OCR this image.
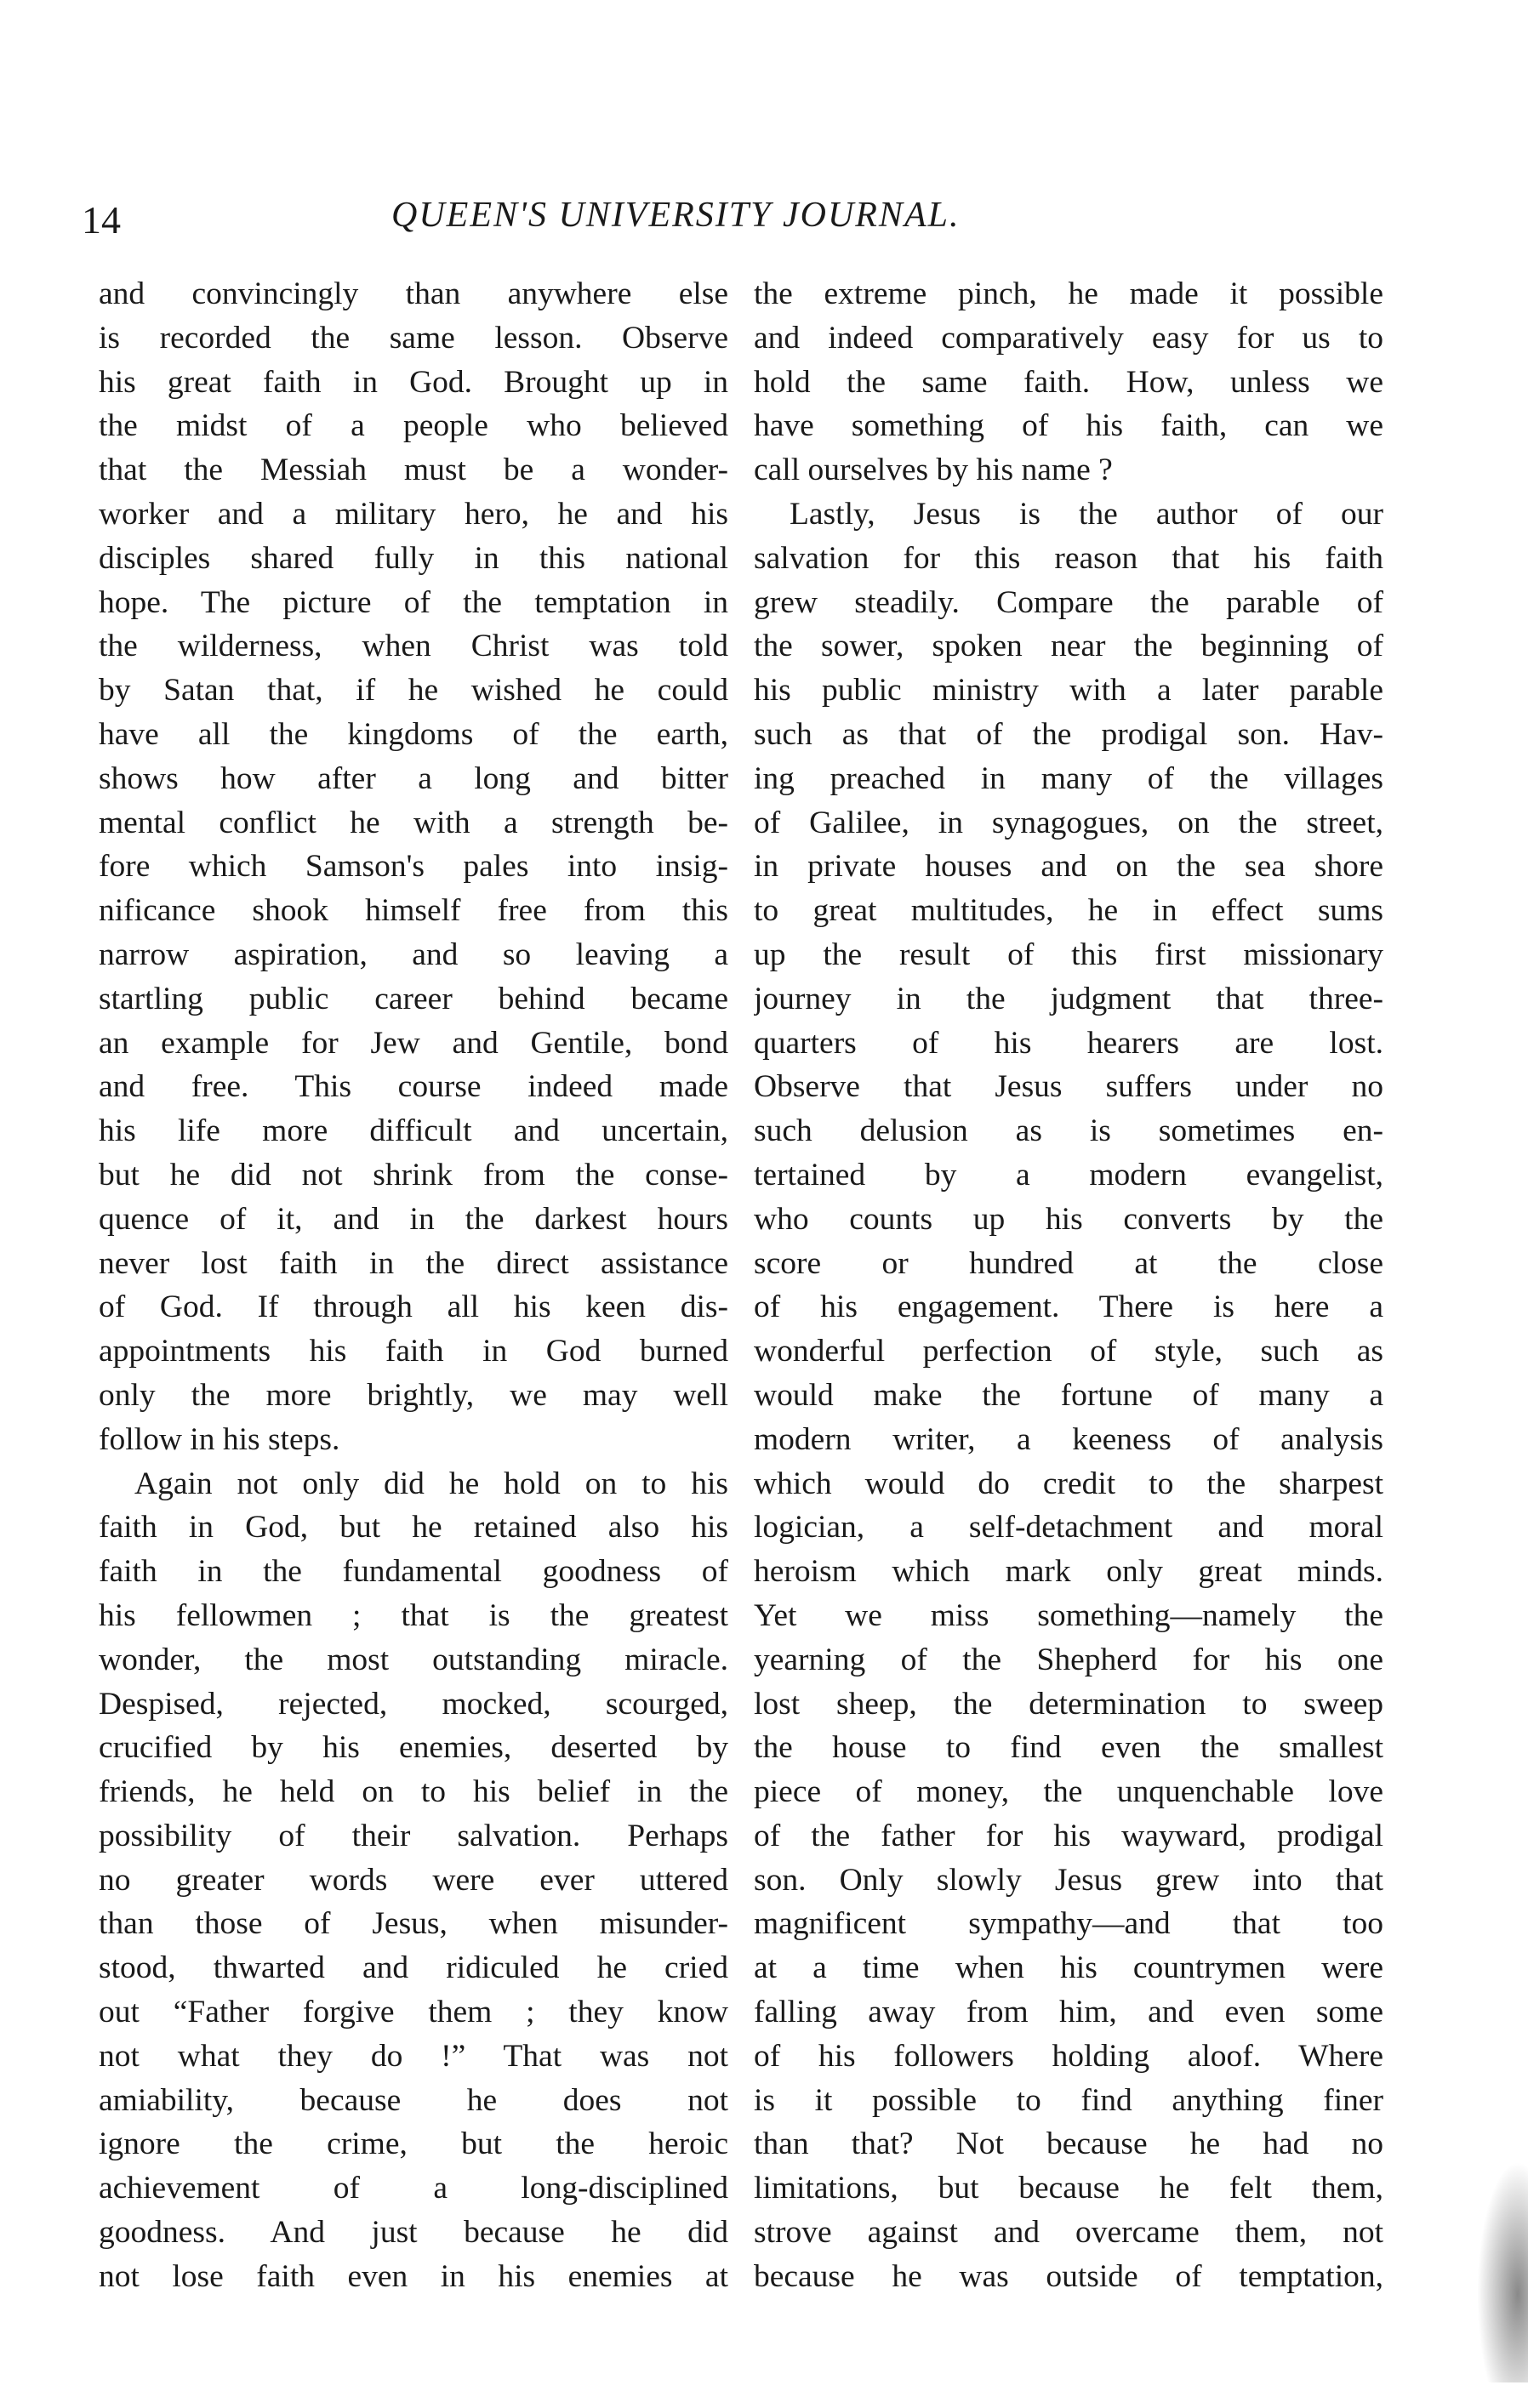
14	QUEEN'S UNIVERSITY JOURNAL.
and convincingly than anywhere else
is recorded the same lesson. Observe
his great faith in God. Brought up in
the midst of a people who believed
that the Messiah must be a wonder-
worker and a military hero, he and his
disciples shared fully in this national
hope. The picture of the temptation in
the wilderness, when Christ was told
by Satan that, if he wished he could
have all the kingdoms of the earth,
shows how after a long and bitter
mental conflict he with a strength be-
fore which Samson's pales into insig-
nificance shook himself free from this
narrow aspiration, and so leaving a
startling public career behind became
an example for Jew and Gentile, bond
and free. This course indeed made
his life more difficult and uncertain,
but he did not shrink from the conse-
quence of it, and in the darkest hours
never lost faith in the direct assistance
of God. If through all his keen dis-
appointments his faith in God burned
only the more brightly, we may well
follow in his steps.
Again not only did he hold on to his
faith in God, but he retained also his
faith in the fundamental goodness of
his fellowmen ; that is the greatest
wonder, the most outstanding miracle.
Despised, rejected, mocked, scourged,
crucified by his enemies, deserted by
friends, he held on to his belief in the
possibility of their salvation. Perhaps
no greater words were ever uttered
than those of Jesus, when misunder-
stood, thwarted and ridiculed he cried
out “Father forgive them ; they know
not what they do !” That was not
amiability, because he does not
ignore the crime, but the heroic
achievement of a long-disciplined
goodness. And just because he did
not lose faith even in his enemies at
the extreme pinch, he made it possible
and indeed comparatively easy for us to
hold the same faith. How, unless we
have something of his faith, can we
call ourselves by his name ?
Lastly, Jesus is the author of our
salvation for this reason that his faith
grew steadily. Compare the parable of
the sower, spoken near the beginning of
his public ministry with a later parable
such as that of the prodigal son. Hav-
ing preached in many of the villages
of Galilee, in synagogues, on the street,
in private houses and on the sea shore
to great multitudes, he in effect sums
up the result of this first missionary
journey in the judgment that three-
quarters of his hearers are lost.
Observe that Jesus suffers under no
such delusion as is sometimes en-
tertained by a modern evangelist,
who counts up his converts by the
score or hundred at the close
of his engagement. There is here a
wonderful perfection of style, such as
would make the fortune of many a
modern writer, a keeness of analysis
which would do credit to the sharpest
logician, a self-detachment and moral
heroism which mark only great minds.
Yet we miss something—namely the
yearning of the Shepherd for his one
lost sheep, the determination to sweep
the house to find even the smallest
piece of money, the unquenchable love
of the father for his wayward, prodigal
son. Only slowly Jesus grew into that
magnificent sympathy—and that too
at a time when his countrymen were
falling away from him, and even some
of his followers holding aloof. Where
is it possible to find anything finer
than that? Not because he had no
limitations, but because he felt them,
strove against and overcame them, not
because he was outside of temptation,
